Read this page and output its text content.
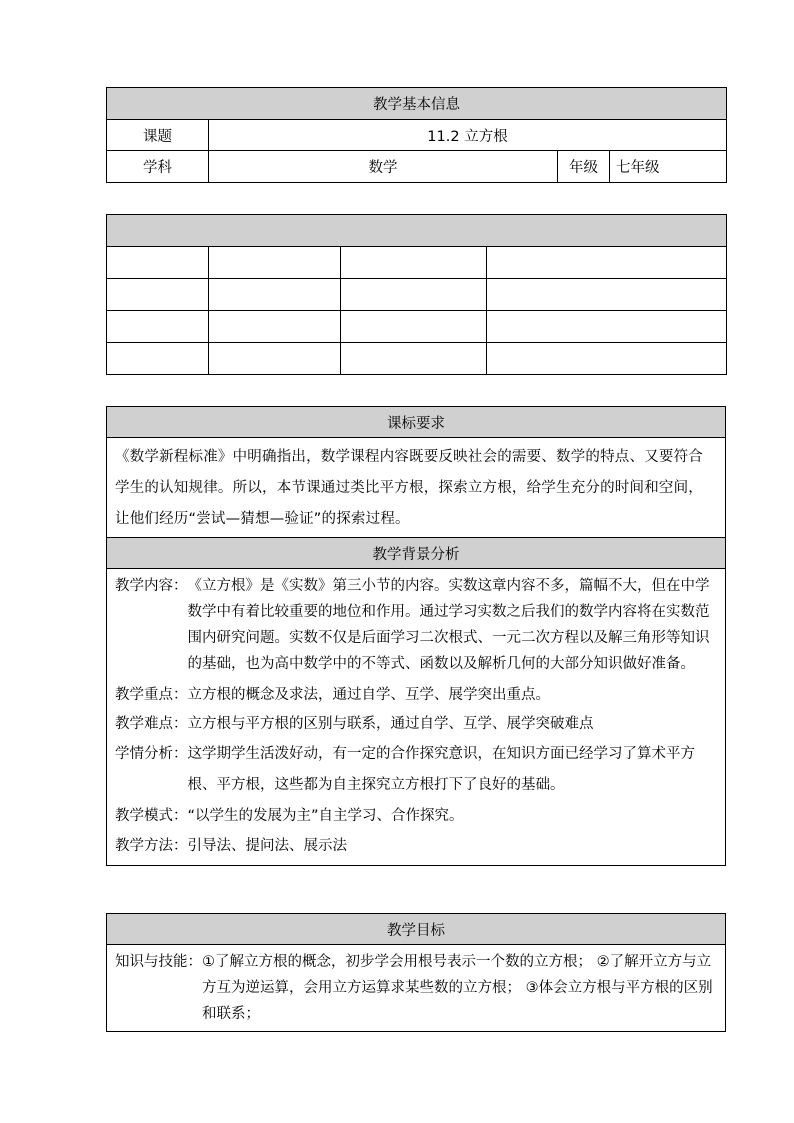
教学基本信息			
课题	11.2 立方根		
学科	数学	年级	七年级

课标要求

《数学新程标准》中明确指出，数学课程内容既要反映社会的需要、数学的特点、又要符合学生的认知规律。所以，本节课通过类比平方根，探索立方根，给学生充分的时间和空间，让他们经历“尝试—猜想—验证”的探索过程。

教学背景分析

教学内容： 《立方根》是《实数》第三小节的内容。实数这章内容不多，篇幅不大，但在中学数学中有着比较重要的地位和作用。通过学习实数之后我们的数学内容将在实数范围内研究问题。实数不仅是后面学习二次根式、一元二次方程以及解三角形等知识的基础，也为高中数学中的不等式、函数以及解析几何的大部分知识做好准备。
教学重点： 立方根的概念及求法，通过自学、互学、展学突出重点。
教学难点： 立方根与平方根的区别与联系，通过自学、互学、展学突破难点
学情分析： 这学期学生活泼好动，有一定的合作探究意识，在知识方面已经学习了算术平方根、平方根，这些都为自主探究立方根打下了良好的基础。
教学模式： “以学生的发展为主”自主学习、合作探究。
教学方法： 引导法、提问法、展示法
教学目标

知识与技能： ①了解立方根的概念，初步学会用根号表示一个数的立方根； ②了解开立方与立方互为逆运算，会用立方运算求某些数的立方根； ③体会立方根与平方根的区别和联系；
